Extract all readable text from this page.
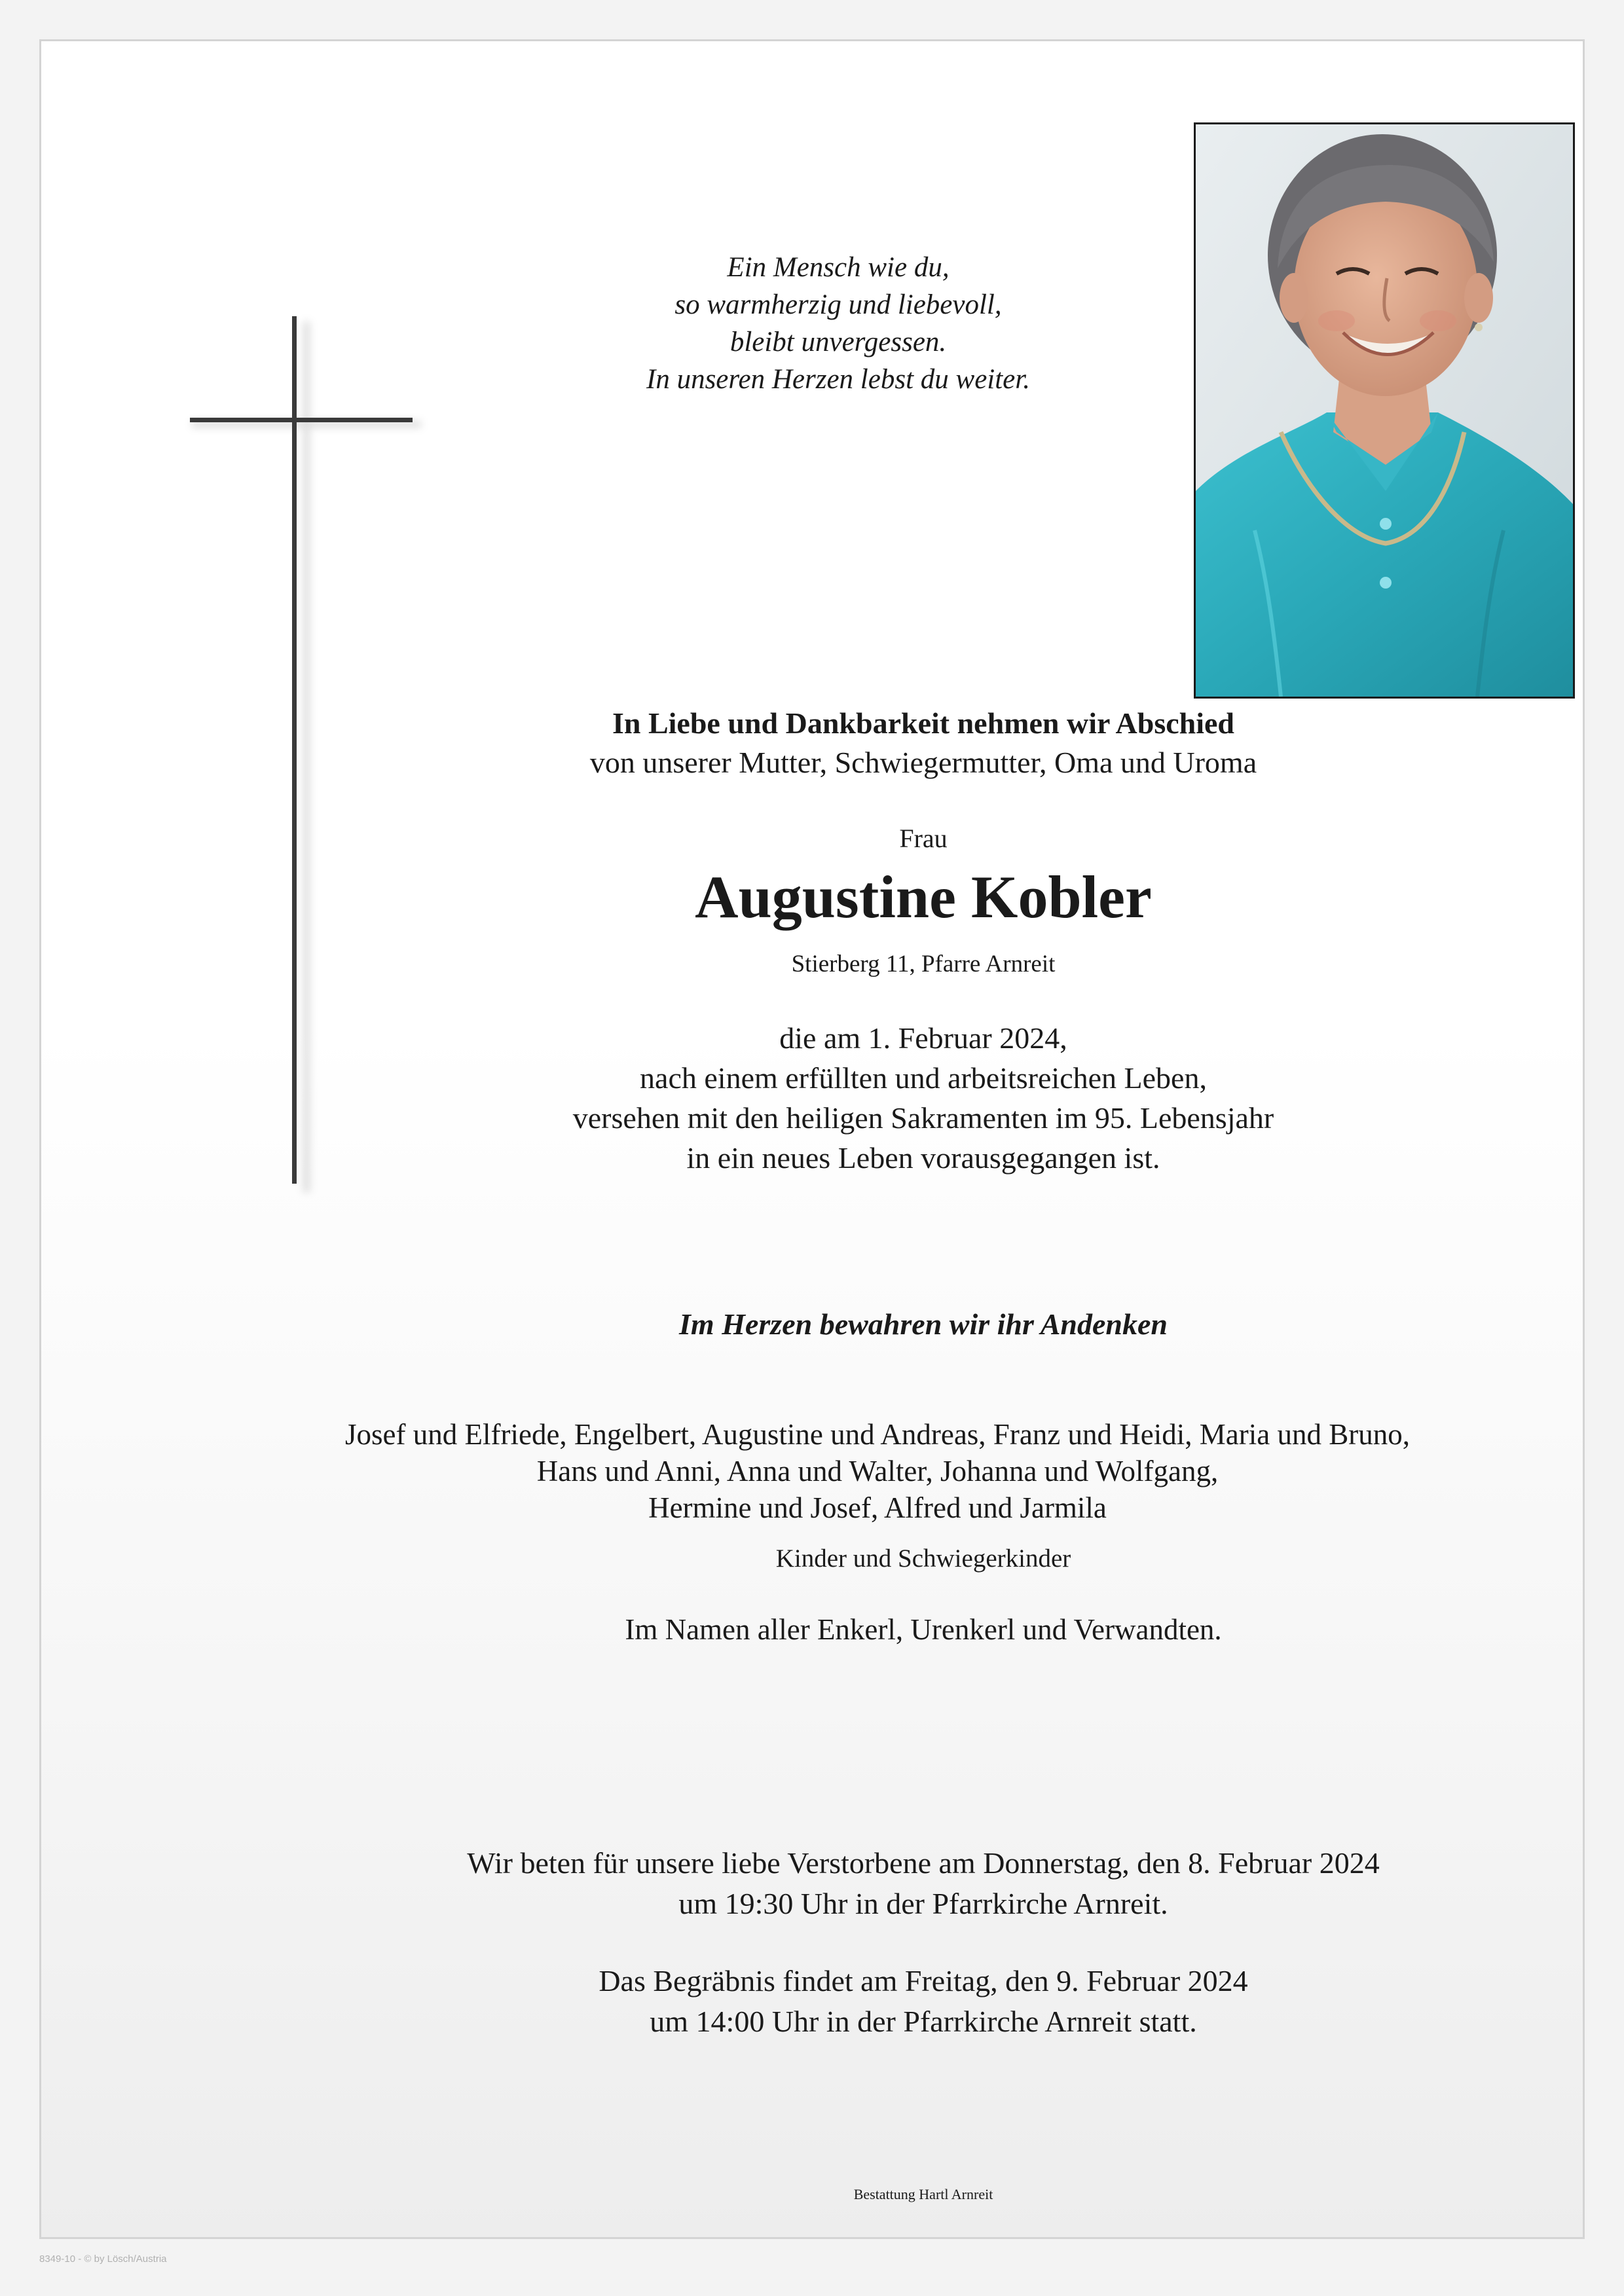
Ein Mensch wie du,
so warmherzig und liebevoll,
bleibt unvergessen.
In unseren Herzen lebst du weiter.
In Liebe und Dankbarkeit nehmen wir Abschied
von unserer Mutter, Schwiegermutter, Oma und Uroma
Frau
Augustine Kobler
Stierberg 11, Pfarre Arnreit
die am 1. Februar 2024,
nach einem erfüllten und arbeitsreichen Leben,
versehen mit den heiligen Sakramenten im 95. Lebensjahr
in ein neues Leben vorausgegangen ist.
Im Herzen bewahren wir ihr Andenken
Josef und Elfriede, Engelbert, Augustine und Andreas, Franz und Heidi, Maria und Bruno,
Hans und Anni, Anna und Walter, Johanna und Wolfgang,
Hermine und Josef, Alfred und Jarmila
Kinder und Schwiegerkinder
Im Namen aller Enkerl, Urenkerl und Verwandten.
Wir beten für unsere liebe Verstorbene am Donnerstag, den 8. Februar 2024
um 19:30 Uhr in der Pfarrkirche Arnreit.
Das Begräbnis findet am Freitag, den 9. Februar 2024
um 14:00 Uhr in der Pfarrkirche Arnreit statt.
Bestattung Hartl Arnreit
8349-10 - © by Lösch/Austria
